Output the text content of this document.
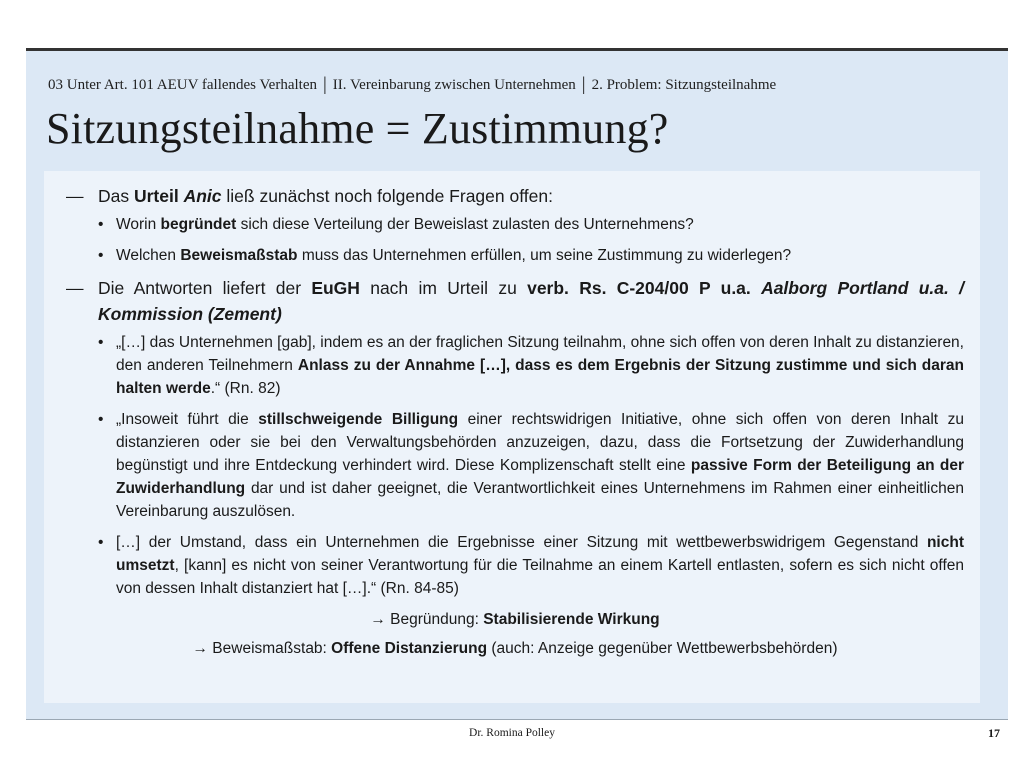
03 Unter Art. 101 AEUV fallendes Verhalten | II. Vereinbarung zwischen Unternehmen | 2. Problem: Sitzungsteilnahme
Sitzungsteilnahme = Zustimmung?
— Das Urteil Anic ließ zunächst noch folgende Fragen offen:
• Worin begründet sich diese Verteilung der Beweislast zulasten des Unternehmens?
• Welchen Beweismaßstab muss das Unternehmen erfüllen, um seine Zustimmung zu widerlegen?
— Die Antworten liefert der EuGH nach im Urteil zu verb. Rs. C-204/00 P u.a. Aalborg Portland u.a. / Kommission (Zement)
• „[…] das Unternehmen [gab], indem es an der fraglichen Sitzung teilnahm, ohne sich offen von deren Inhalt zu distanzieren, den anderen Teilnehmern Anlass zu der Annahme […], dass es dem Ergebnis der Sitzung zustimme und sich daran halten werde.“ (Rn. 82)
• „Insoweit führt die stillschweigende Billigung einer rechtswidrigen Initiative, ohne sich offen von deren Inhalt zu distanzieren oder sie bei den Verwaltungsbehörden anzuzeigen, dazu, dass die Fortsetzung der Zuwiderhandlung begünstigt und ihre Entdeckung verhindert wird. Diese Komplizenschaft stellt eine passive Form der Beteiligung an der Zuwiderhandlung dar und ist daher geeignet, die Verantwortlichkeit eines Unternehmens im Rahmen einer einheitlichen Vereinbarung auszulösen.
• […] der Umstand, dass ein Unternehmen die Ergebnisse einer Sitzung mit wettbewerbswidrigem Gegenstand nicht umsetzt, [kann] es nicht von seiner Verantwortung für die Teilnahme an einem Kartell entlasten, sofern es sich nicht offen von dessen Inhalt distanziert hat […].“ (Rn. 84-85)
→ Begründung: Stabilisierende Wirkung
→ Beweismaßstab: Offene Distanzierung (auch: Anzeige gegenüber Wettbewerbsbehörden)
Dr. Romina Polley	17
